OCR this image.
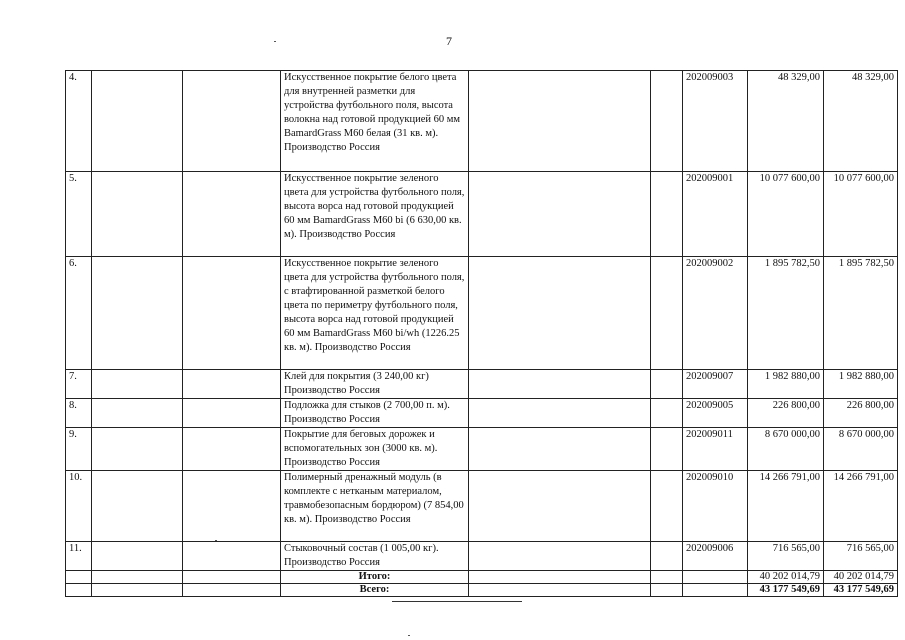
7
4.			Искусственное покрытие белого цвета для внутренней разметки для устройства футбольного поля, высота волокна над готовой продукцией 60 мм BamardGrass M60 белая (31 кв. м). Производство Россия			202009003	48 329,00	48 329,00
5.			Искусственное покрытие зеленого цвета для устройства футбольного поля, высота ворса над готовой продукцией 60 мм BamardGrass M60 bi (6 630,00 кв. м). Производство Россия			202009001	10 077 600,00	10 077 600,00
6.			Искусственное покрытие зеленого цвета для устройства футбольного поля, с втафтированной разметкой белого цвета по периметру футбольного поля, высота ворса над готовой продукцией 60 мм BamardGrass M60 bi/wh (1226.25 кв. м). Производство Россия			202009002	1 895 782,50	1 895 782,50
7.			Клей для покрытия (3 240,00 кг) Производство Россия			202009007	1 982 880,00	1 982 880,00
8.			Подложка для стыков (2 700,00 п. м). Производство Россия			202009005	226 800,00	226 800,00
9.			Покрытие для беговых дорожек и вспомогательных зон (3000 кв. м). Производство Россия			202009011	8 670 000,00	8 670 000,00
10.			Полимерный дренажный модуль (в комплекте с нетканым материалом, травмобезопасным бордюром) (7 854,00 кв. м). Производство Россия			202009010	14 266 791,00	14 266 791,00
11.			Стыковочный состав (1 005,00 кг). Производство Россия			202009006	716 565,00	716 565,00
			Итого:				40 202 014,79	40 202 014,79
			Всего:				43 177 549,69	43 177 549,69
